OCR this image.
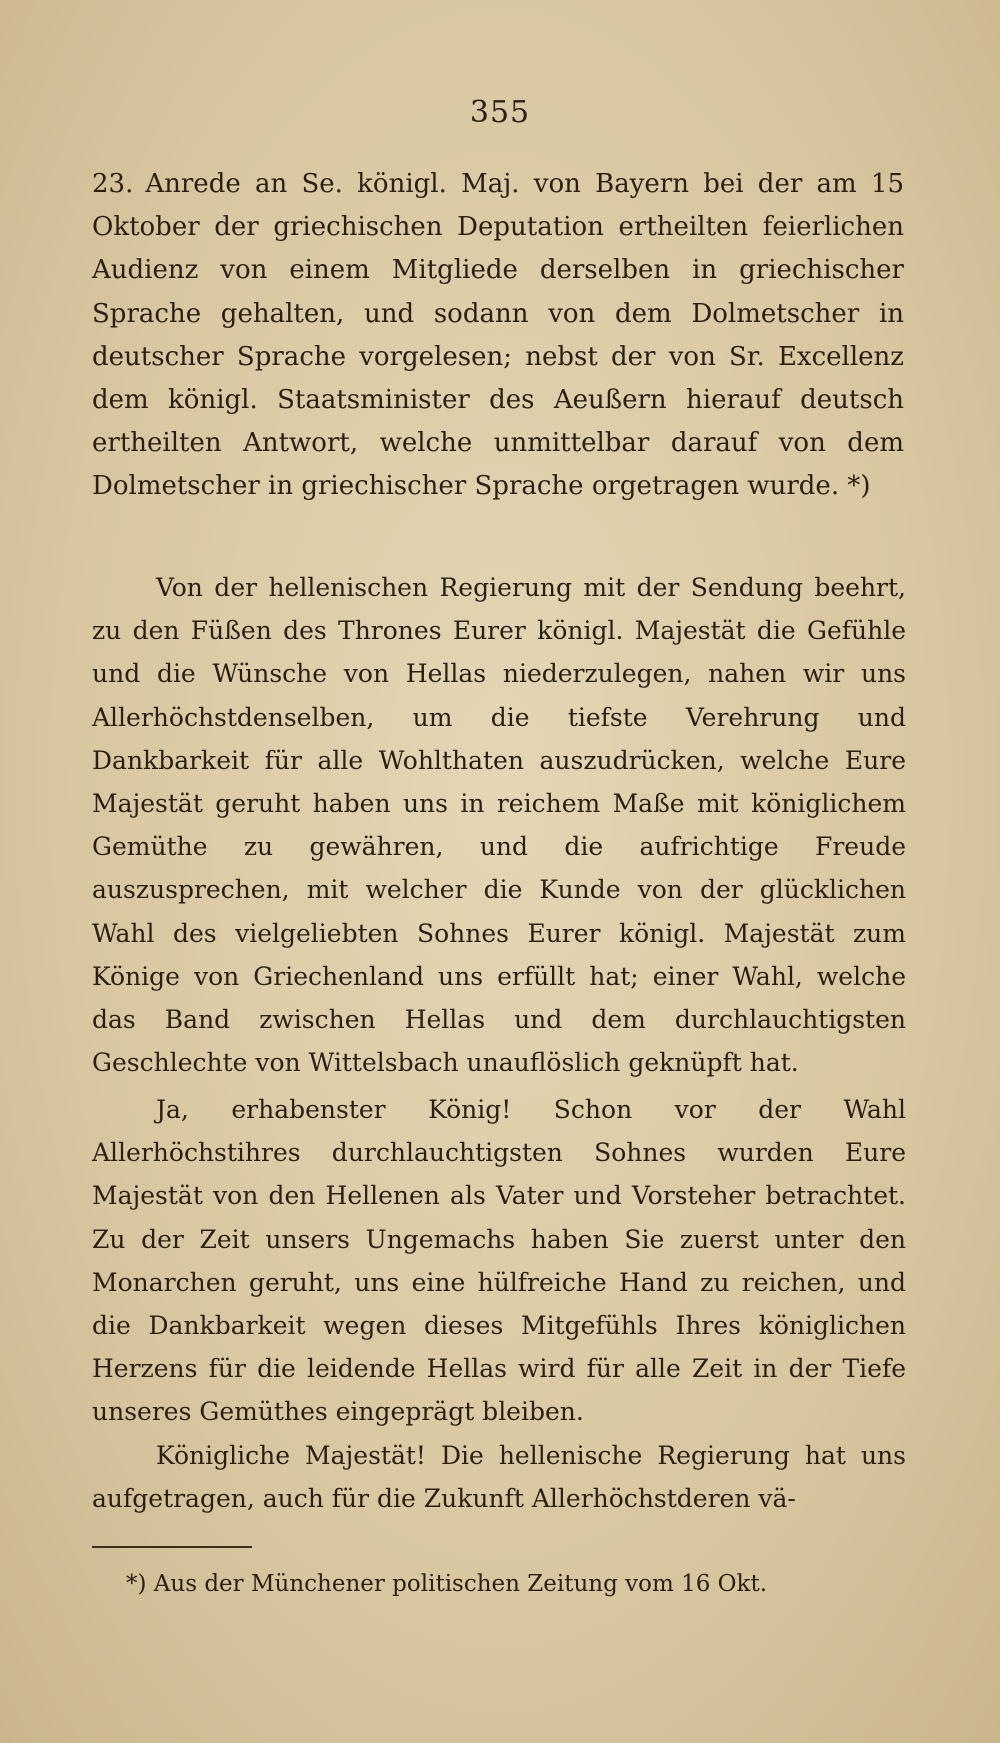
355
23. Anrede an Se. königl. Maj. von Bayern bei der am 15 Oktober der griechischen Deputation ertheilten feierlichen Audienz von einem Mitgliede derselben in griechischer Sprache gehalten, und sodann von dem Dolmetscher in deutscher Sprache vorgelesen; nebst der von Sr. Excellenz dem königl. Staatsminister des Aeußern hierauf deutsch ertheilten Antwort, welche unmittelbar darauf von dem Dolmetscher in griechischer Sprache orgetragen wurde. *)

Von der hellenischen Regierung mit der Sendung beehrt, zu den Füßen des Thrones Eurer königl. Majestät die Gefühle und die Wünsche von Hellas niederzulegen, nahen wir uns Allerhöchstdenselben, um die tiefste Verehrung und Dankbarkeit für alle Wohlthaten auszudrücken, welche Eure Majestät geruht haben uns in reichem Maße mit königlichem Gemüthe zu gewähren, und die aufrichtige Freude auszusprechen, mit welcher die Kunde von der glücklichen Wahl des vielgeliebten Sohnes Eurer königl. Majestät zum Könige von Griechenland uns erfüllt hat; einer Wahl, welche das Band zwischen Hellas und dem durchlauchtigsten Geschlechte von Wittelsbach unauflöslich geknüpft hat.

Ja, erhabenster König! Schon vor der Wahl Allerhöchstihres durchlauchtigsten Sohnes wurden Eure Majestät von den Hellenen als Vater und Vorsteher betrachtet. Zu der Zeit unsers Ungemachs haben Sie zuerst unter den Monarchen geruht, uns eine hülfreiche Hand zu reichen, und die Dankbarkeit wegen dieses Mitgefühls Ihres königlichen Herzens für die leidende Hellas wird für alle Zeit in der Tiefe unseres Gemüthes eingeprägt bleiben.

Königliche Majestät! Die hellenische Regierung hat uns aufgetragen, auch für die Zukunft Allerhöchstderen vä-

*) Aus der Münchener politischen Zeitung vom 16 Okt.
